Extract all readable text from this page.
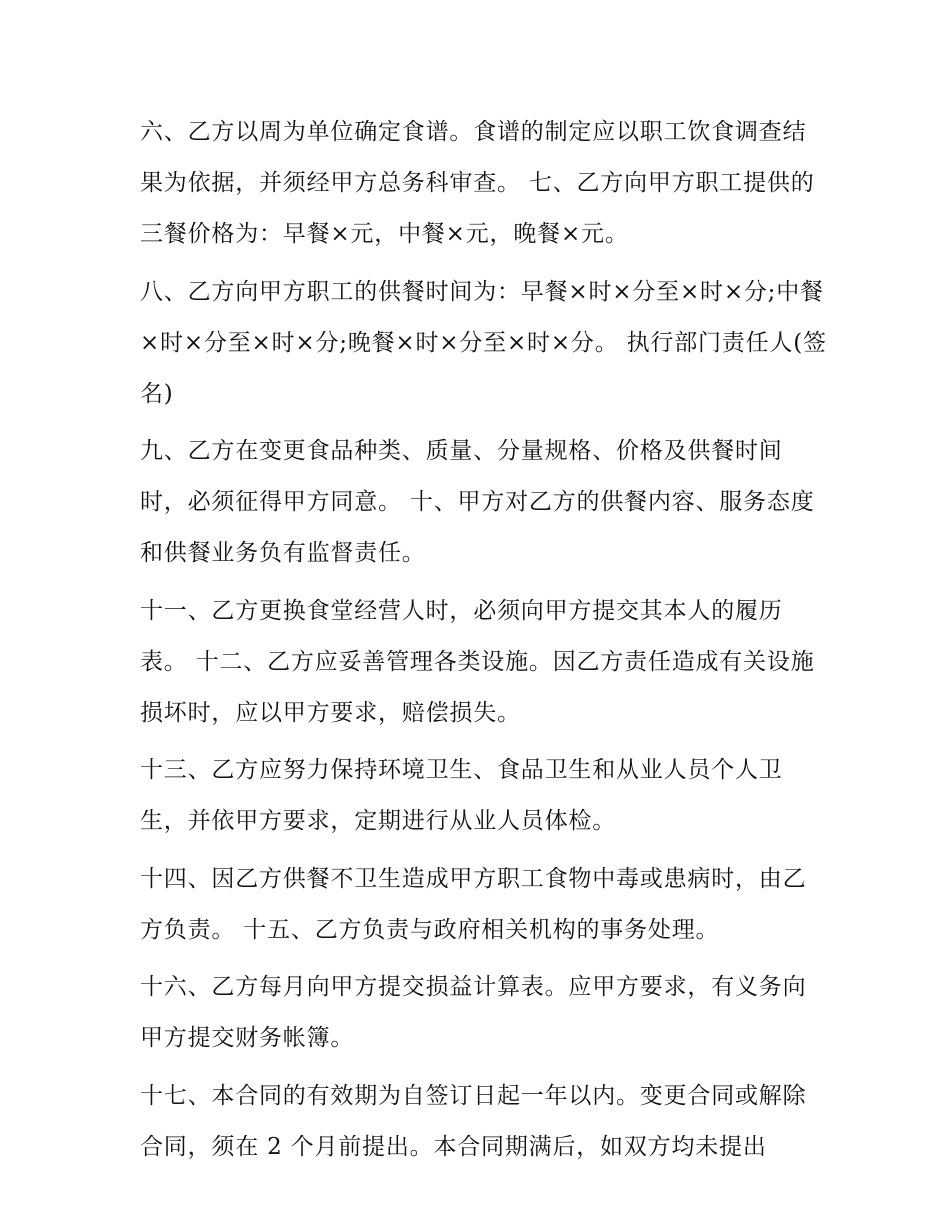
六、乙方以周为单位确定食谱。食谱的制定应以职工饮食调查结果为依据，并须经甲方总务科审查。 七、乙方向甲方职工提供的三餐价格为：早餐×元，中餐×元，晚餐×元。

八、乙方向甲方职工的供餐时间为：早餐×时×分至×时×分;中餐×时×分至×时×分;晚餐×时×分至×时×分。 执行部门责任人(签名)

九、乙方在变更食品种类、质量、分量规格、价格及供餐时间时，必须征得甲方同意。 十、甲方对乙方的供餐内容、服务态度和供餐业务负有监督责任。

十一、乙方更换食堂经营人时，必须向甲方提交其本人的履历表。 十二、乙方应妥善管理各类设施。因乙方责任造成有关设施损坏时，应以甲方要求，赔偿损失。

十三、乙方应努力保持环境卫生、食品卫生和从业人员个人卫生，并依甲方要求，定期进行从业人员体检。

十四、因乙方供餐不卫生造成甲方职工食物中毒或患病时，由乙方负责。 十五、乙方负责与政府相关机构的事务处理。

十六、乙方每月向甲方提交损益计算表。应甲方要求，有义务向甲方提交财务帐簿。

十七、本合同的有效期为自签订日起一年以内。变更合同或解除合同，须在 2 个月前提出。本合同期满后，如双方均未提出
